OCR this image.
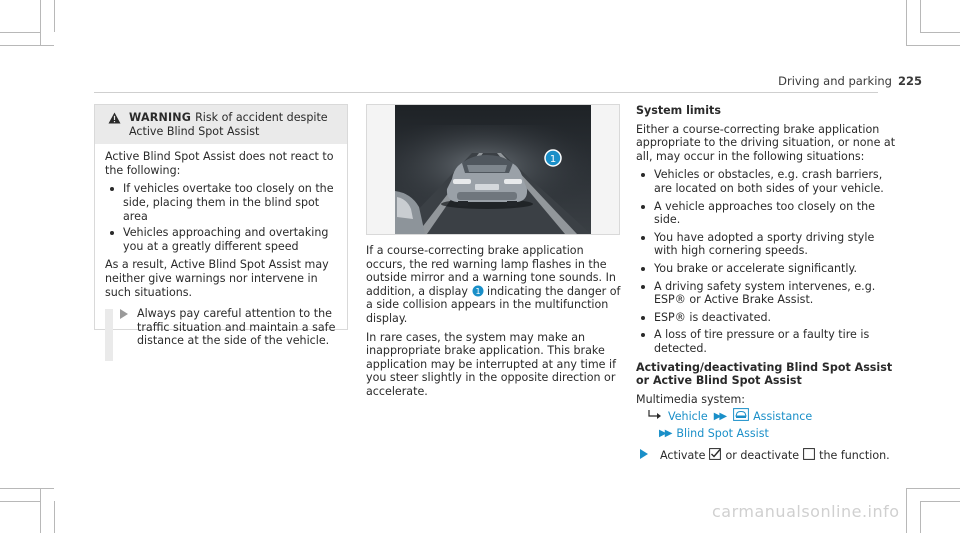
Driving and parking 225
WARNING Risk of accident despite
Active Blind Spot Assist

Active Blind Spot Assist does not react to the following:

If vehicles overtake too closely on the side, placing them in the blind spot area
Vehicles approaching and overtaking you at a greatly different speed

As a result, Active Blind Spot Assist may neither give warnings nor intervene in such situations.

Always pay careful attention to the traffic situation and maintain a safe distance at the side of the vehicle.
1

If a course-correcting brake application occurs, the red warning lamp flashes in the outside mirror and a warning tone sounds. In addition, a display 1 indicating the danger of a side collision appears in the multifunction display.

In rare cases, the system may make an inappropriate brake application. This brake application may be interrupted at any time if you steer slightly in the opposite direction or accelerate.

System limits

Either a course-correcting brake application appropriate to the driving situation, or none at all, may occur in the following situations:

Vehicles or obstacles, e.g. crash barriers, are located on both sides of your vehicle.
A vehicle approaches too closely on the side.
You have adopted a sporty driving style with high cornering speeds.
You brake or accelerate significantly.
A driving safety system intervenes, e.g. ESP® or Active Brake Assist.
ESP® is deactivated.
A loss of tire pressure or a faulty tire is detected.

Activating/deactivating Blind Spot Assist or Active Blind Spot Assist

Multimedia system:

Vehicle ▶▶	Assistance
▶▶ Blind Spot Assist
Activate or deactivate the function.
carmanualsonline.info
